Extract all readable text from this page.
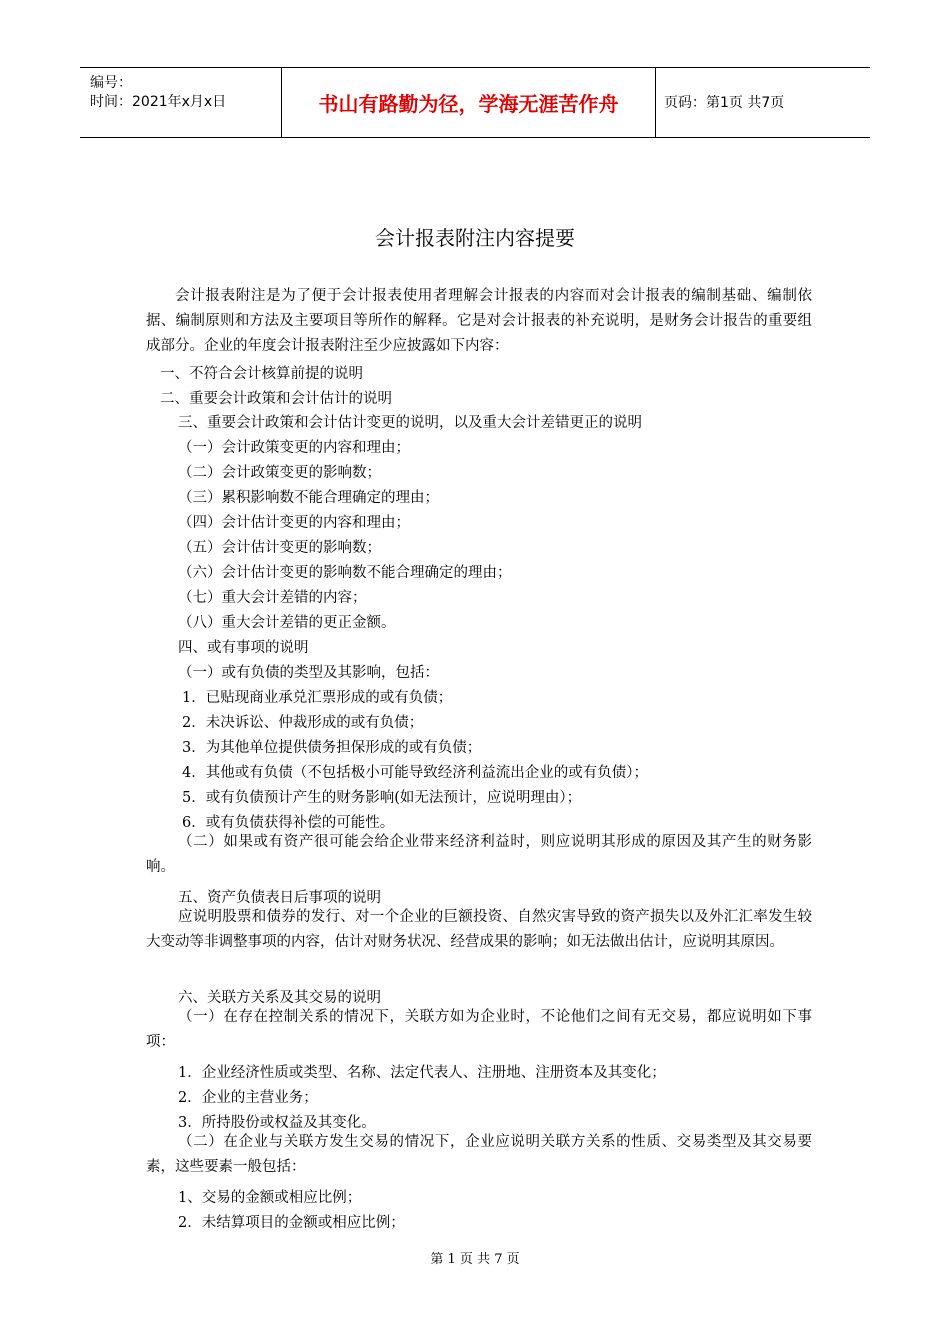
编号：
时间：2021年x月x日	书山有路勤为径，学海无涯苦作舟	页码：第1页 共7页
会计报表附注内容提要
会计报表附注是为了便于会计报表使用者理解会计报表的内容而对会计报表的编制基础、编制依据、编制原则和方法及主要项目等所作的解释。它是对会计报表的补充说明，是财务会计报告的重要组成部分。企业的年度会计报表附注至少应披露如下内容：
一、不符合会计核算前提的说明
二、重要会计政策和会计估计的说明
三、重要会计政策和会计估计变更的说明，以及重大会计差错更正的说明
（一）会计政策变更的内容和理由；
（二）会计政策变更的影响数；
（三）累积影响数不能合理确定的理由；
（四）会计估计变更的内容和理由；
（五）会计估计变更的影响数；
（六）会计估计变更的影响数不能合理确定的理由；
（七）重大会计差错的内容；
（八）重大会计差错的更正金额。
四、或有事项的说明
（一）或有负债的类型及其影响，包括：
1．已贴现商业承兑汇票形成的或有负债；
2．未决诉讼、仲裁形成的或有负债；
3．为其他单位提供债务担保形成的或有负债；
4．其他或有负债（不包括极小可能导致经济利益流出企业的或有负债）；
5．或有负债预计产生的财务影响(如无法预计，应说明理由）；
6．或有负债获得补偿的可能性。
（二）如果或有资产很可能会给企业带来经济利益时，则应说明其形成的原因及其产生的财务影响。
五、资产负债表日后事项的说明
应说明股票和债券的发行、对一个企业的巨额投资、自然灾害导致的资产损失以及外汇汇率发生较大变动等非调整事项的内容，估计对财务状况、经营成果的影响；如无法做出估计，应说明其原因。
六、关联方关系及其交易的说明
（一）在存在控制关系的情况下，关联方如为企业时，不论他们之间有无交易，都应说明如下事项：
1．企业经济性质或类型、名称、法定代表人、注册地、注册资本及其变化；
2．企业的主营业务；
3．所持股份或权益及其变化。
（二）在企业与关联方发生交易的情况下，企业应说明关联方关系的性质、交易类型及其交易要素，这些要素一般包括：
1、交易的金额或相应比例；
2．未结算项目的金额或相应比例；
第 1 页 共 7 页
